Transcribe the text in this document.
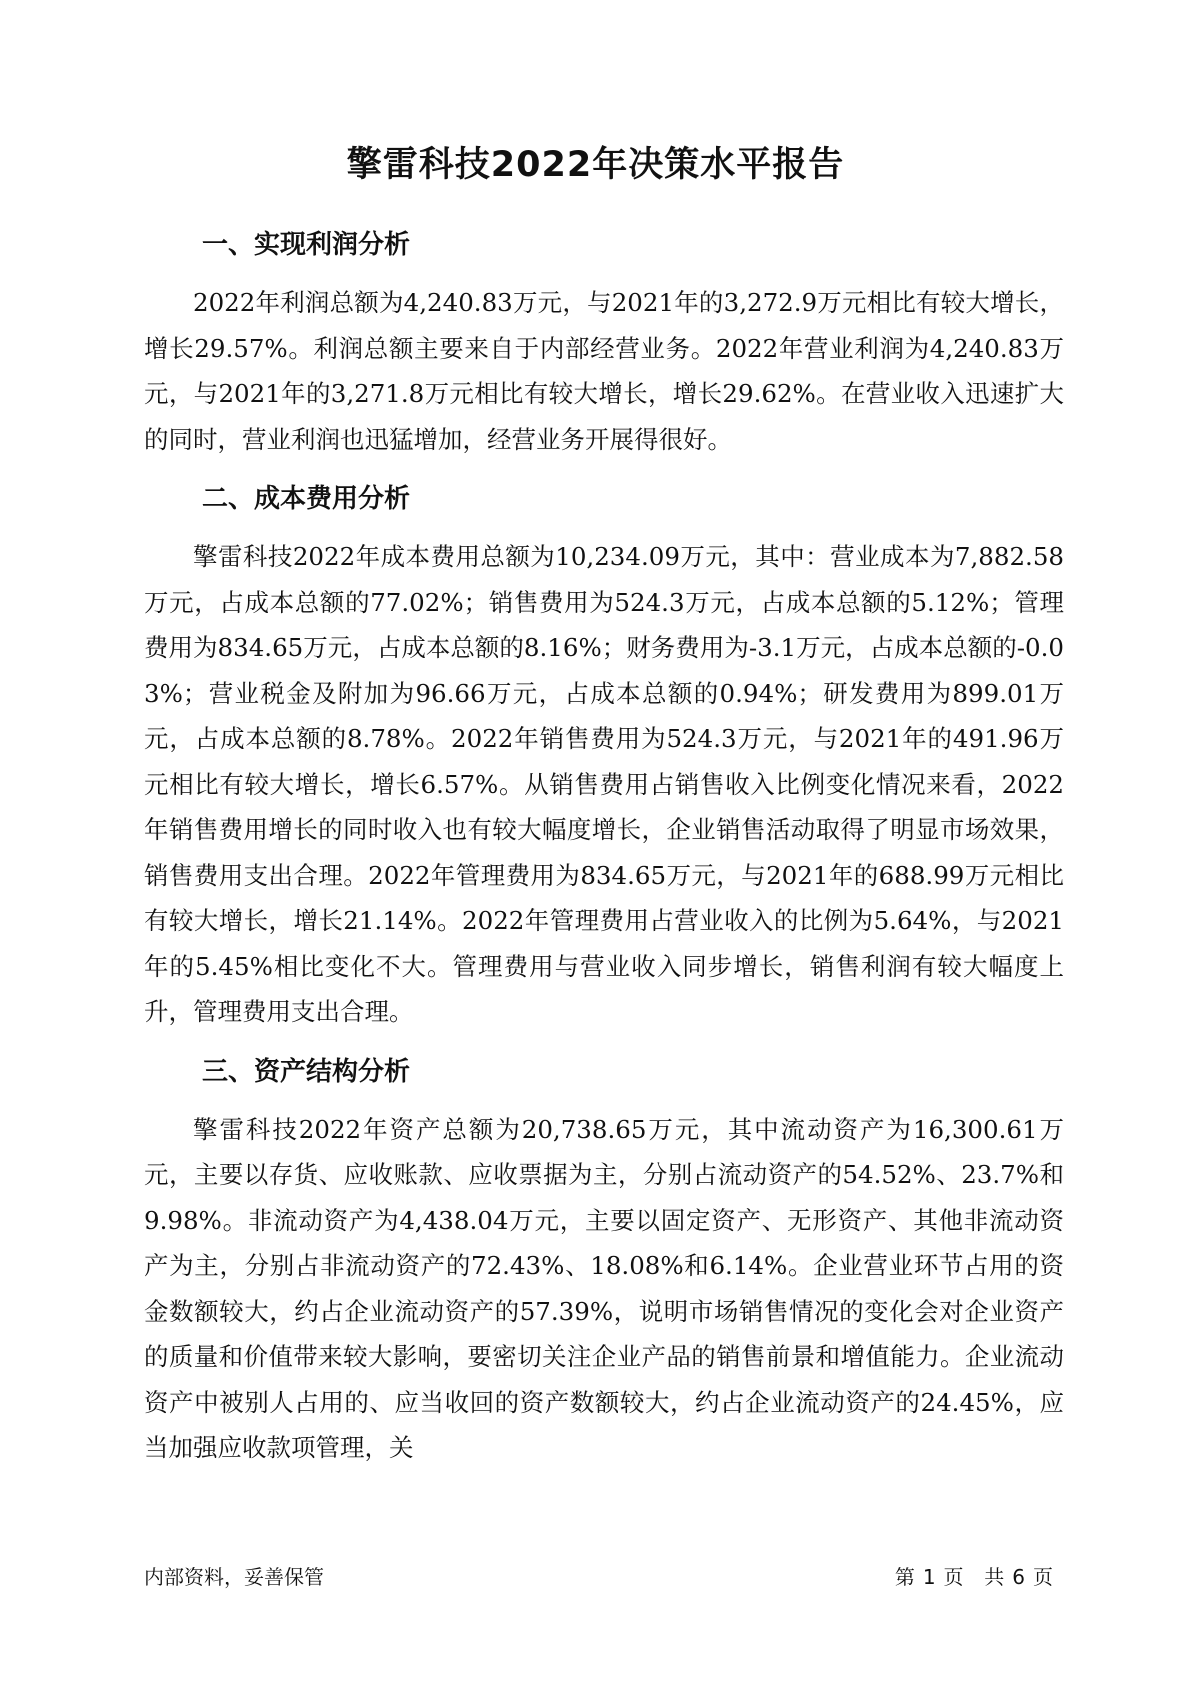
擎雷科技2022年决策水平报告
一、实现利润分析

2022年利润总额为4,240.83万元，与2021年的3,272.9万元相比有较大增长，增长29.57%。利润总额主要来自于内部经营业务。2022年营业利润为4,240.83万元，与2021年的3,271.8万元相比有较大增长，增长29.62%。在营业收入迅速扩大的同时，营业利润也迅猛增加，经营业务开展得很好。

二、成本费用分析

擎雷科技2022年成本费用总额为10,234.09万元，其中：营业成本为7,882.58万元，占成本总额的77.02%；销售费用为524.3万元，占成本总额的5.12%；管理费用为834.65万元，占成本总额的8.16%；财务费用为-3.1万元，占成本总额的-0.03%；营业税金及附加为96.66万元，占成本总额的0.94%；研发费用为899.01万元，占成本总额的8.78%。2022年销售费用为524.3万元，与2021年的491.96万元相比有较大增长，增长6.57%。从销售费用占销售收入比例变化情况来看，2022年销售费用增长的同时收入也有较大幅度增长，企业销售活动取得了明显市场效果，销售费用支出合理。2022年管理费用为834.65万元，与2021年的688.99万元相比有较大增长，增长21.14%。2022年管理费用占营业收入的比例为5.64%，与2021年的5.45%相比变化不大。管理费用与营业收入同步增长，销售利润有较大幅度上升，管理费用支出合理。

三、资产结构分析

擎雷科技2022年资产总额为20,738.65万元，其中流动资产为16,300.61万元，主要以存货、应收账款、应收票据为主，分别占流动资产的54.52%、23.7%和9.98%。非流动资产为4,438.04万元，主要以固定资产、无形资产、其他非流动资产为主，分别占非流动资产的72.43%、18.08%和6.14%。企业营业环节占用的资金数额较大，约占企业流动资产的57.39%，说明市场销售情况的变化会对企业资产的质量和价值带来较大影响，要密切关注企业产品的销售前景和增值能力。企业流动资产中被别人占用的、应当收回的资产数额较大，约占企业流动资产的24.45%，应当加强应收款项管理，关

内部资料，妥善保管	第 1 页 共 6 页
